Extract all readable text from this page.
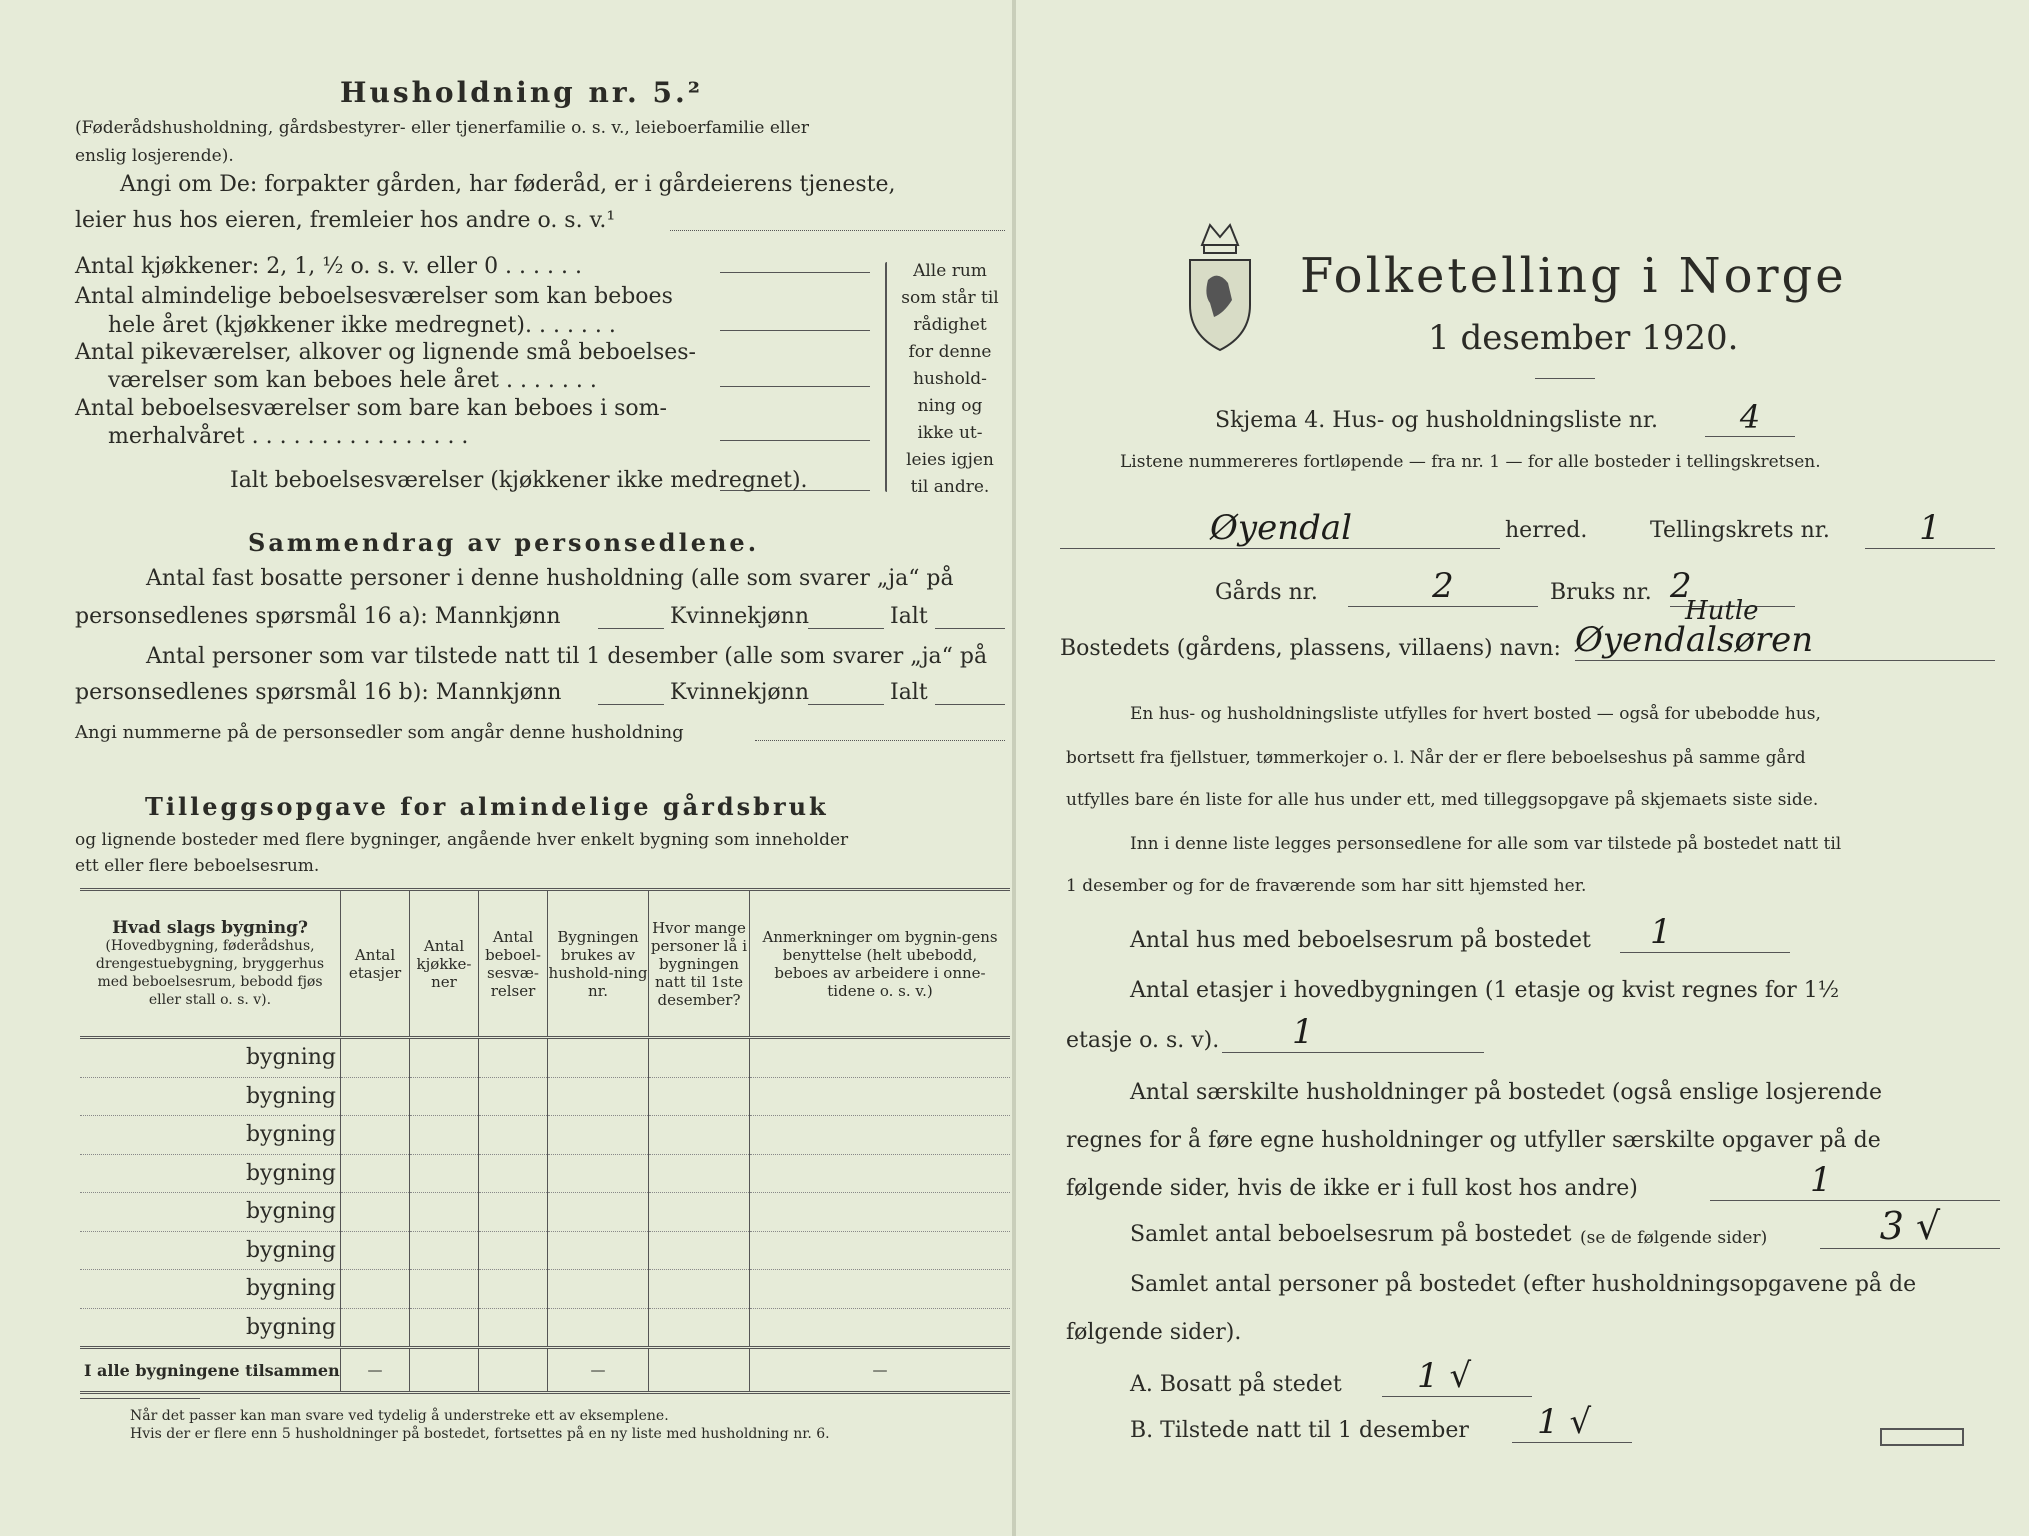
Husholdning nr. 5.²
(Føderådshusholdning, gårdsbestyrer- eller tjenerfamilie o. s. v., leieboerfamilie eller
enslig losjerende).
Angi om De: forpakter gården, har føderåd, er i gårdeierens tjeneste,
leier hus hos eieren, fremleier hos andre o. s. v.¹
Antal kjøkkener: 2, 1, ½ o. s. v. eller 0 . . . . . .
Antal almindelige beboelsesværelser som kan beboes
hele året (kjøkkener ikke medregnet). . . . . . .
Antal pikeværelser, alkover og lignende små beboelses-
værelser som kan beboes hele året . . . . . . .
Antal beboelsesværelser som bare kan beboes i som-
merhalvåret . . . . . . . . . . . . . . . .
Alle rum
som står til
rådighet
for denne
hushold-
ning og
ikke ut-
leies igjen
til andre.
Ialt beboelsesværelser (kjøkkener ikke medregnet).
Sammendrag av personsedlene.
Antal fast bosatte personer i denne husholdning (alle som svarer „ja“ på
personsedlenes spørsmål 16 a): Mannkjønn	Kvinnekjønn	Ialt
Antal personer som var tilstede natt til 1 desember (alle som svarer „ja“ på
personsedlenes spørsmål 16 b): Mannkjønn	Kvinnekjønn	Ialt
Angi nummerne på de personsedler som angår denne husholdning
Tilleggsopgave for almindelige gårdsbruk
og lignende bosteder med flere bygninger, angående hver enkelt bygning som inneholder
ett eller flere beboelsesrum.
Hvad slags bygning?
(Hovedbygning, føderådshus, drengestuebygning, bryggerhus med beboelsesrum, bebodd fjøs eller stall o. s. v).	Antal etasjer	Antal kjøkke-ner	Antal beboel-sesvæ-relser	Bygningen brukes av hushold-ning nr.	Hvor mange personer lå i bygningen natt til 1ste desember?	Anmerkninger om bygnin-gens benyttelse (helt ubebodd, beboes av arbeidere i onne-tidene o. s. v.)
bygning						
bygning						
bygning						
bygning						
bygning						
bygning						
bygning						
bygning						
I alle bygningene tilsammen	—			—		—
Når det passer kan man svare ved tydelig å understreke ett av eksemplene.
Hvis der er flere enn 5 husholdninger på bostedet, fortsettes på en ny liste med husholdning nr. 6.
Folketelling i Norge
1 desember 1920.
Skjema 4. Hus- og husholdningsliste nr.	4
Listene nummereres fortløpende — fra nr. 1 — for alle bosteder i tellingskretsen.
Øyendal	herred.	Tellingskrets nr.	1
Gårds nr.	2	Bruks nr. 2
Bostedets (gårdens, plassens, villaens) navn:
Hutle
Øyendalsøren
En hus- og husholdningsliste utfylles for hvert bosted — også for ubebodde hus,
bortsett fra fjellstuer, tømmerkojer o. l. Når der er flere beboelseshus på samme gård
utfylles bare én liste for alle hus under ett, med tilleggsopgave på skjemaets siste side.
Inn i denne liste legges personsedlene for alle som var tilstede på bostedet natt til
1 desember og for de fraværende som har sitt hjemsted her.
Antal hus med beboelsesrum på bostedet	1
Antal etasjer i hovedbygningen (1 etasje og kvist regnes for 1½
etasje o. s. v).	1
Antal særskilte husholdninger på bostedet (også enslige losjerende
regnes for å føre egne husholdninger og utfyller særskilte opgaver på de
følgende sider, hvis de ikke er i full kost hos andre)	1
Samlet antal beboelsesrum på bostedet (se de følgende sider)	3 √
Samlet antal personer på bostedet (efter husholdningsopgavene på de
følgende sider).
A. Bosatt på stedet	1 √
B. Tilstede natt til 1 desember	1 √
